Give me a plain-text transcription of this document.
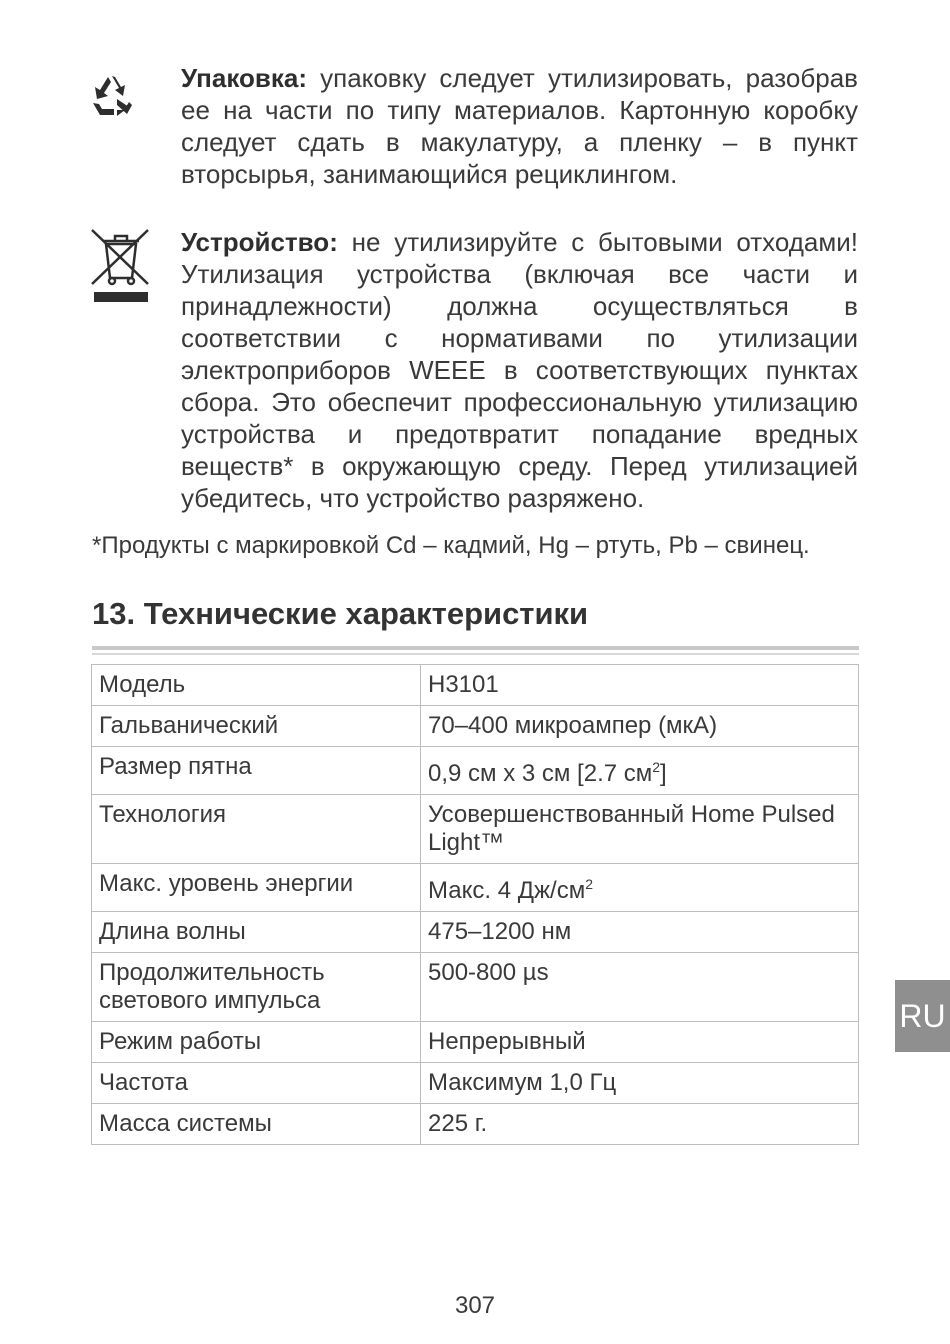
Упаковка: упаковку следует утилизировать, разобрав ее на части по типу материалов. Картонную коробку следует сдать в макулатуру, а пленку – в пункт вторсырья, занимающийся рециклингом.
Устройство: не утилизируйте с бытовыми отходами! Утилизация устройства (включая все части и принадлежности) должна осуществляться в соответствии с нормативами по утилизации электроприборов WEEE в соответствующих пунктах сбора. Это обеспечит профессиональную утилизацию устройства и предотвратит попадание вредных веществ* в окружающую среду. Перед утилизацией убедитесь, что устройство разряжено.
*Продукты с маркировкой Cd – кадмий, Hg – ртуть, Pb – свинец.
13. Технические характеристики
Модель	H3101
Гальванический	70–400 микроампер (мкА)
Размер пятна	0,9 см x 3 см [2.7 $см^2$]
Технология	Усовершенствованный Home Pulsed Light™
Макс. уровень энергии	Макс. 4 $Дж/см^2$
Длина волны	475–1200 нм
Продолжительность светового импульса	500-800 µs
Режим работы	Непрерывный
Частота	Максимум 1,0 Гц
Масса системы	225 г.
RU
307
